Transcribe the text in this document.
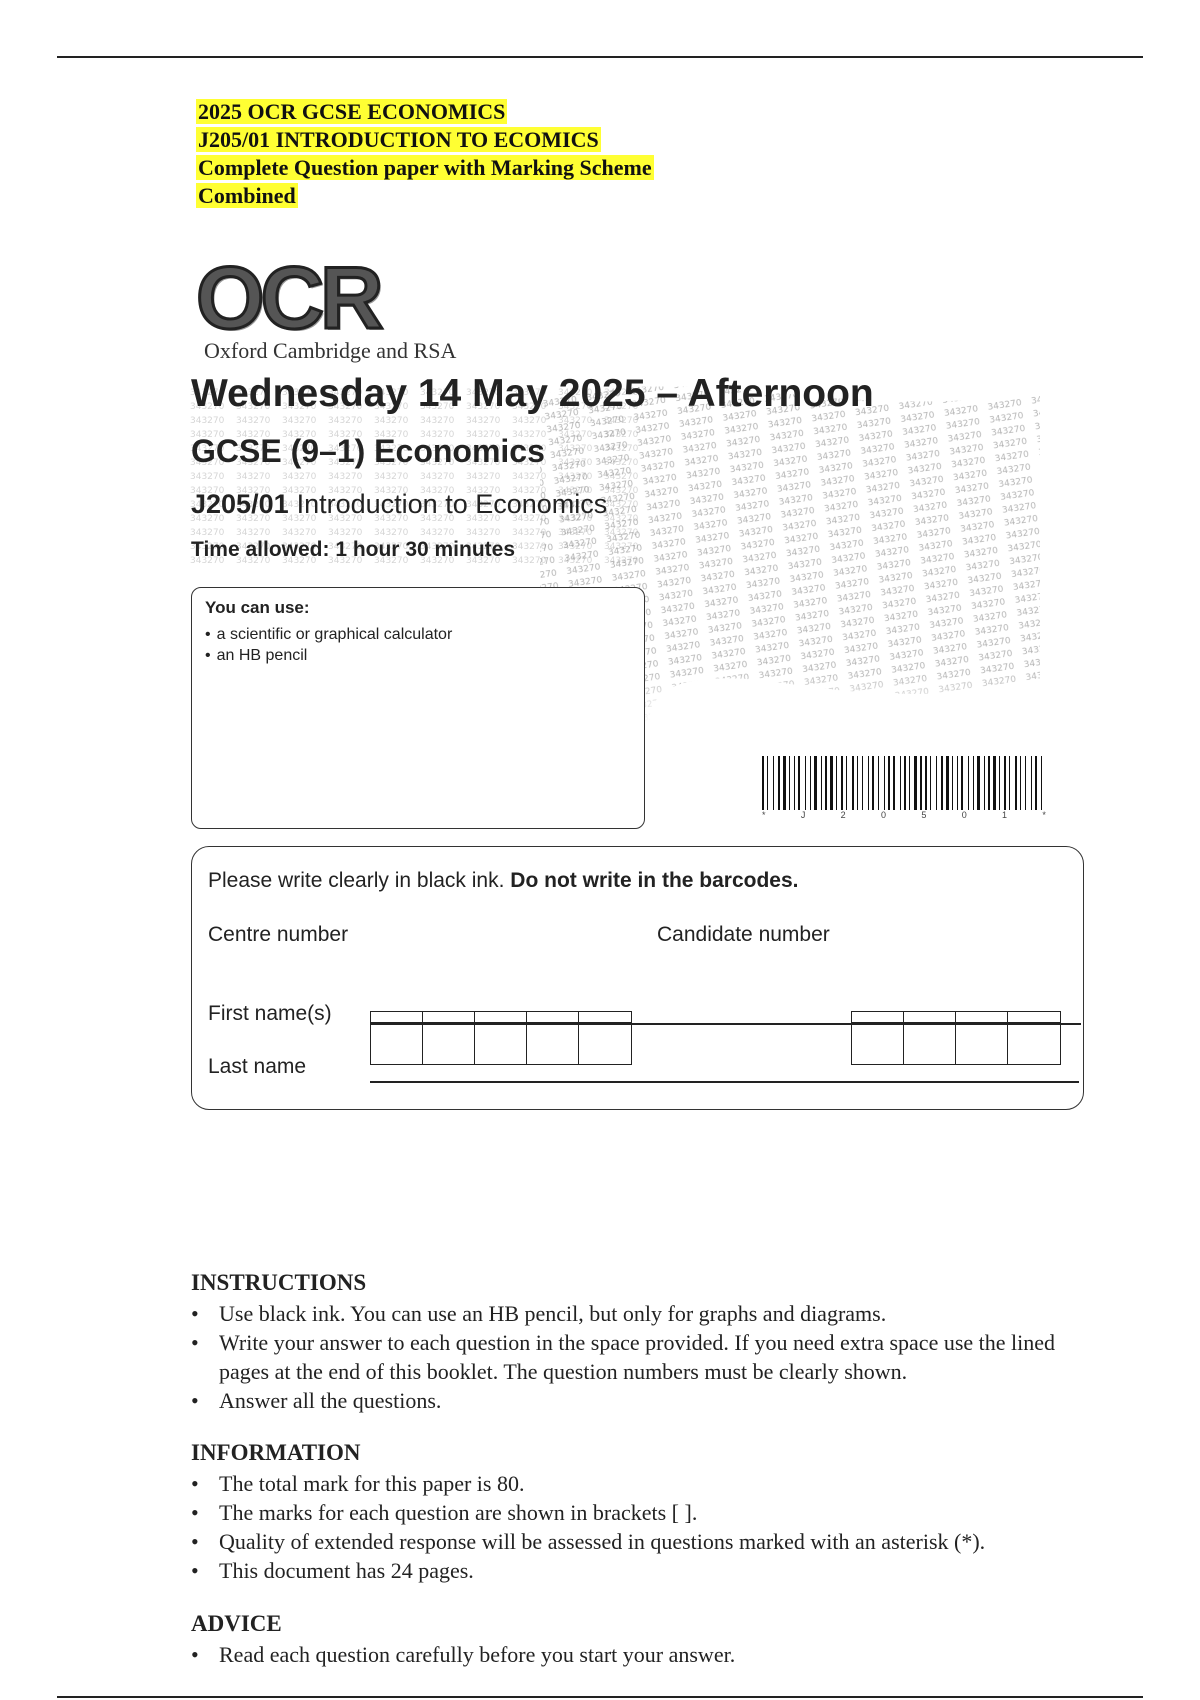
2025 OCR GCSE ECONOMICS
J205/01 INTRODUCTION TO ECOMICS
Complete Question paper with Marking Scheme
Combined
OCR
Oxford Cambridge and RSA
Wednesday 14 May 2025 – Afternoon
GCSE (9–1) Economics
J205/01 Introduction to Economics
Time allowed: 1 hour 30 minutes
You can use:
• a scientific or graphical calculator
• an HB pencil
*	J	2	0	5	0	1	*
Please write clearly in black ink. Do not write in the barcodes.
Centre number	Candidate number
First name(s)
Last name
INSTRUCTIONS
• Use black ink. You can use an HB pencil, but only for graphs and diagrams.
• Write your answer to each question in the space provided. If you need extra space use the lined pages at the end of this booklet. The question numbers must be clearly shown.
• Answer all the questions.
INFORMATION
• The total mark for this paper is 80.
• The marks for each question are shown in brackets [ ].
• Quality of extended response will be assessed in questions marked with an asterisk (*).
• This document has 24 pages.
ADVICE
• Read each question carefully before you start your answer.
